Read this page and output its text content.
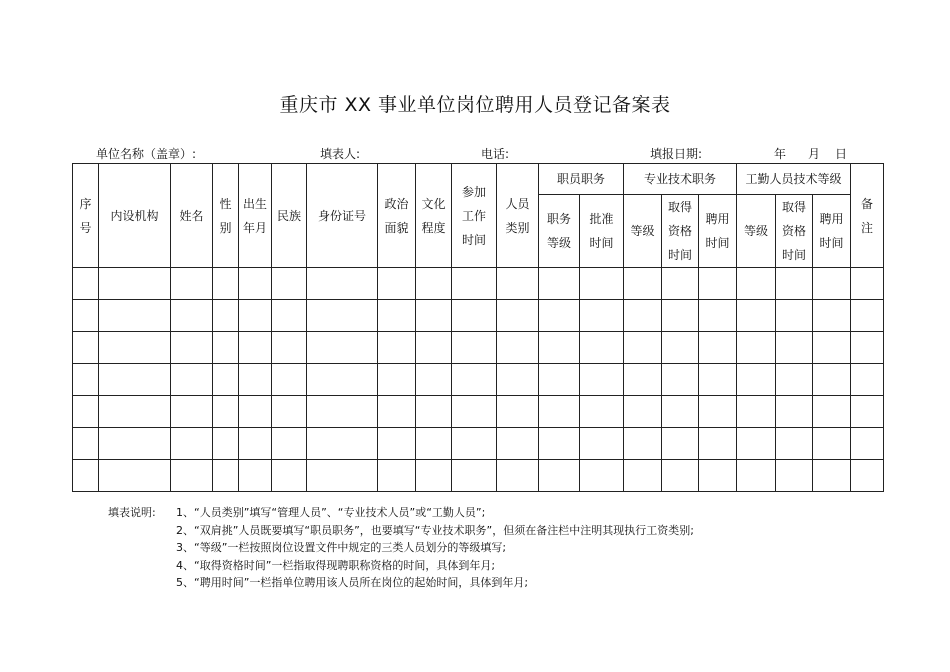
重庆市 XX 事业单位岗位聘用人员登记备案表
单位名称（盖章）:	填表人:	电话:	填报日期:	年 月 日
序号	内设机构	姓名	性别	出生年月	民族	身份证号	政治面貌	文化程度	参加工作时间	人员类别	职员职务		专业技术职务			工勤人员技术等级			备注

											职务等级	批准时间	等级	取得资格时间	聘用时间	等级	取得资格时间	聘用时间	

填表说明:	1、“人员类别”填写“管理人员”、“专业技术人员”或“工勤人员”;
2、“双肩挑”人员既要填写“职员职务”，也要填写“专业技术职务”，但须在备注栏中注明其现执行工资类别;
3、“等级”一栏按照岗位设置文件中规定的三类人员划分的等级填写;
4、“取得资格时间”一栏指取得现聘职称资格的时间，具体到年月;
5、“聘用时间”一栏指单位聘用该人员所在岗位的起始时间，具体到年月;
